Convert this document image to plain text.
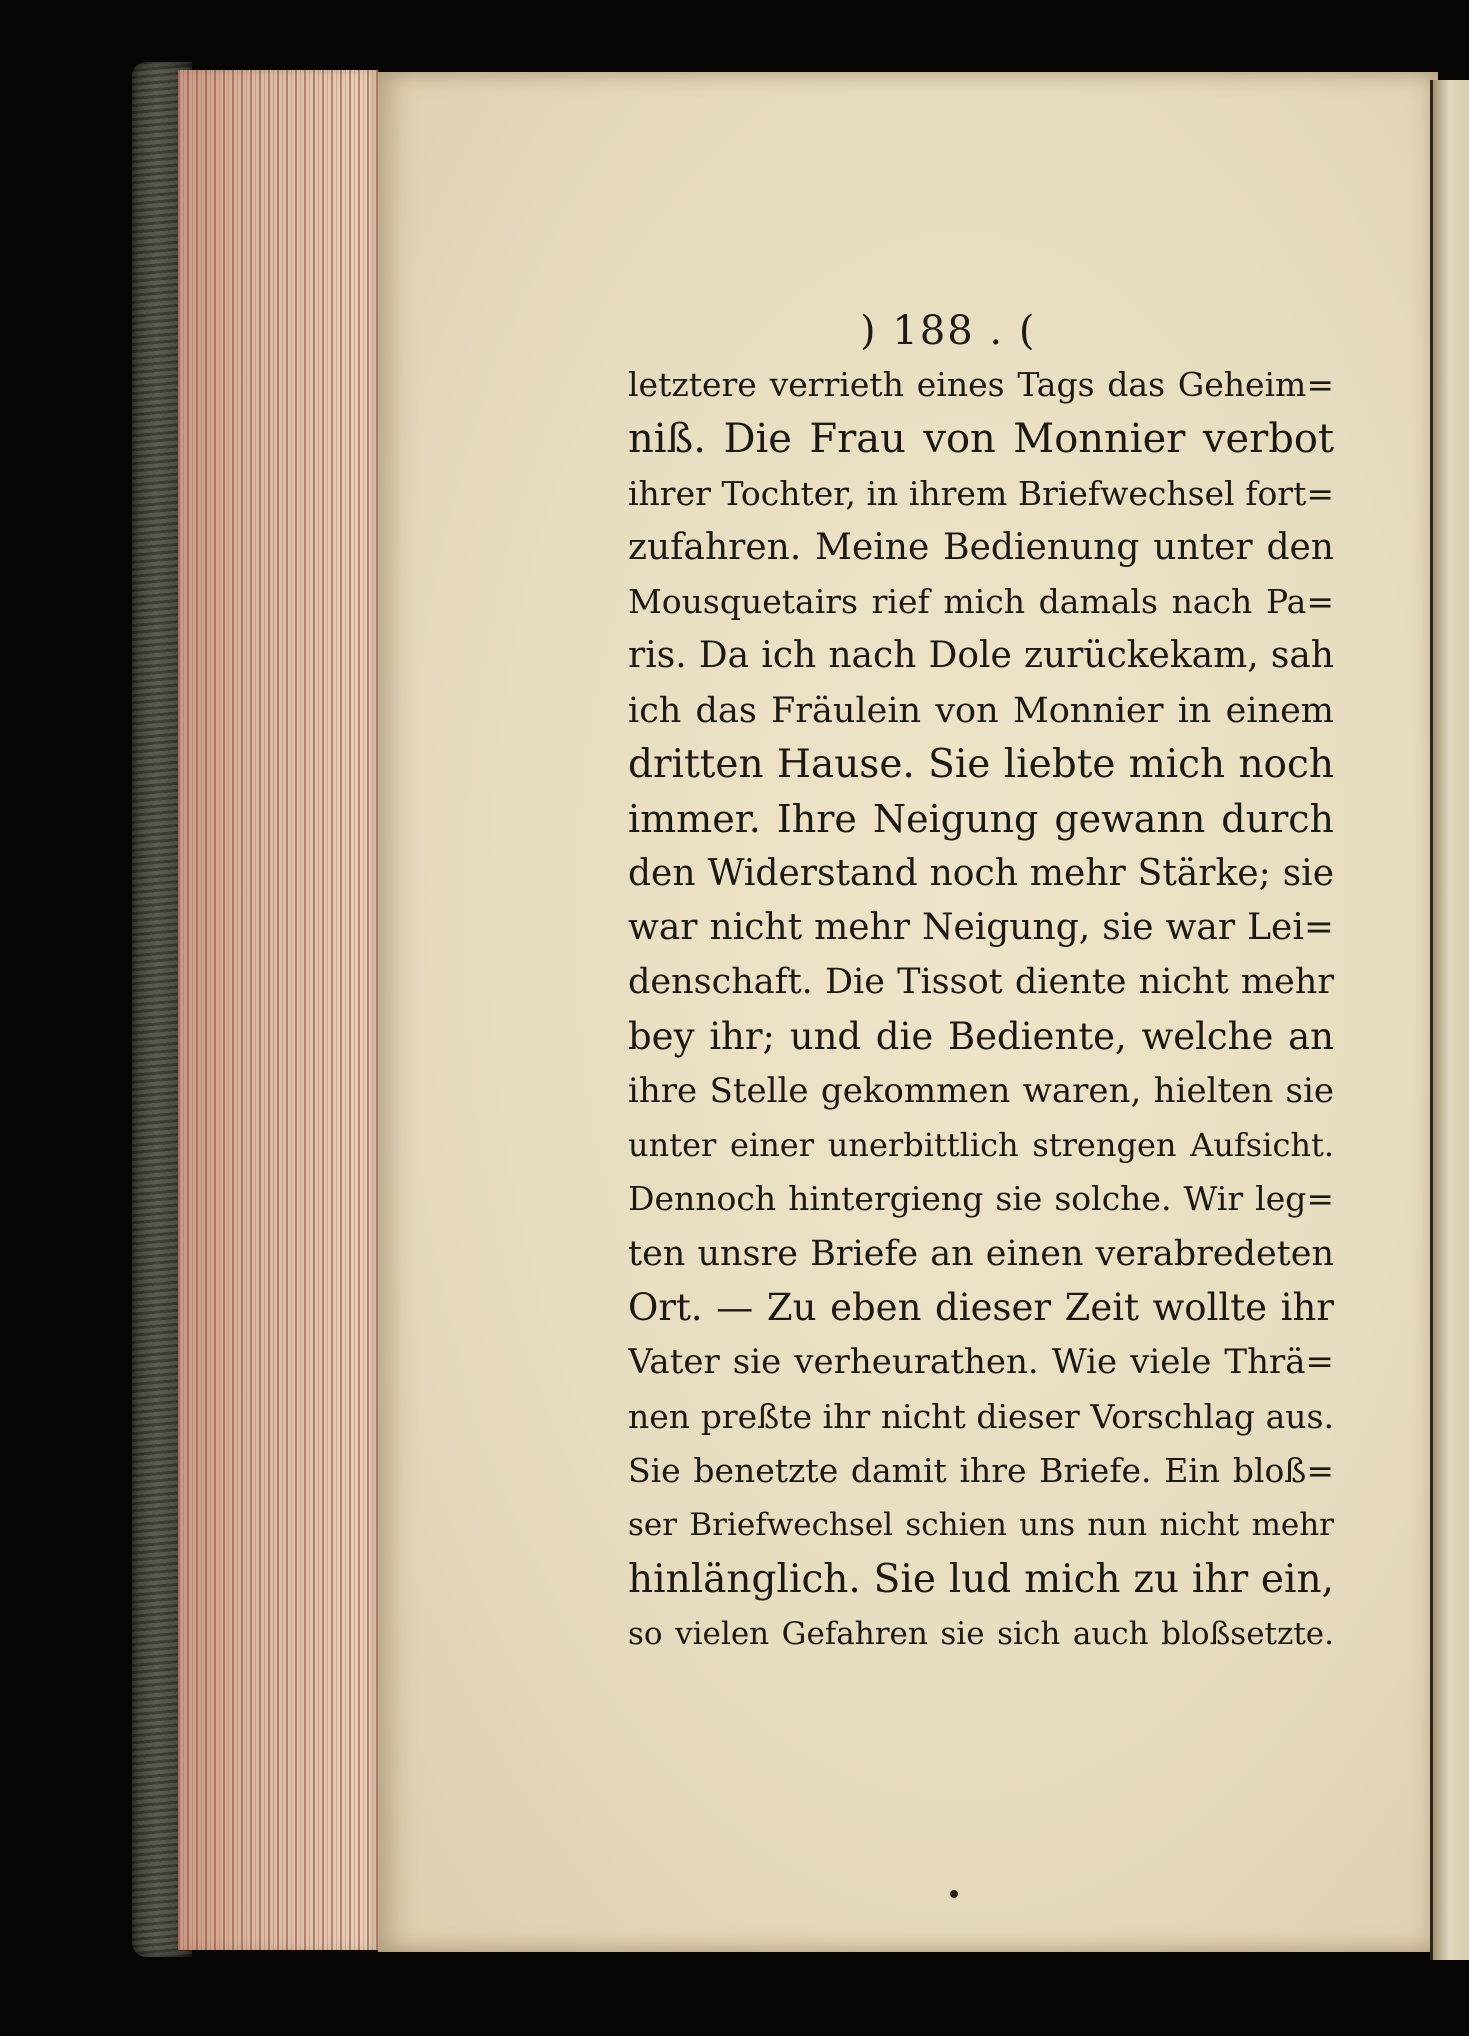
) 188 . (
letztere verrieth eines Tags das Geheim=
niß. Die Frau von Monnier verbot
ihrer Tochter, in ihrem Briefwechsel fort=
zufahren. Meine Bedienung unter den
Mousquetairs rief mich damals nach Pa=
ris. Da ich nach Dole zurückekam, sah
ich das Fräulein von Monnier in einem
dritten Hause. Sie liebte mich noch
immer. Ihre Neigung gewann durch
den Widerstand noch mehr Stärke; sie
war nicht mehr Neigung, sie war Lei=
denschaft. Die Tissot diente nicht mehr
bey ihr; und die Bediente, welche an
ihre Stelle gekommen waren, hielten sie
unter einer unerbittlich strengen Aufsicht.
Dennoch hintergieng sie solche. Wir leg=
ten unsre Briefe an einen verabredeten
Ort. — Zu eben dieser Zeit wollte ihr
Vater sie verheurathen. Wie viele Thrä=
nen preßte ihr nicht dieser Vorschlag aus.
Sie benetzte damit ihre Briefe. Ein bloß=
ser Briefwechsel schien uns nun nicht mehr
hinlänglich. Sie lud mich zu ihr ein,
so vielen Gefahren sie sich auch bloßsetzte.
